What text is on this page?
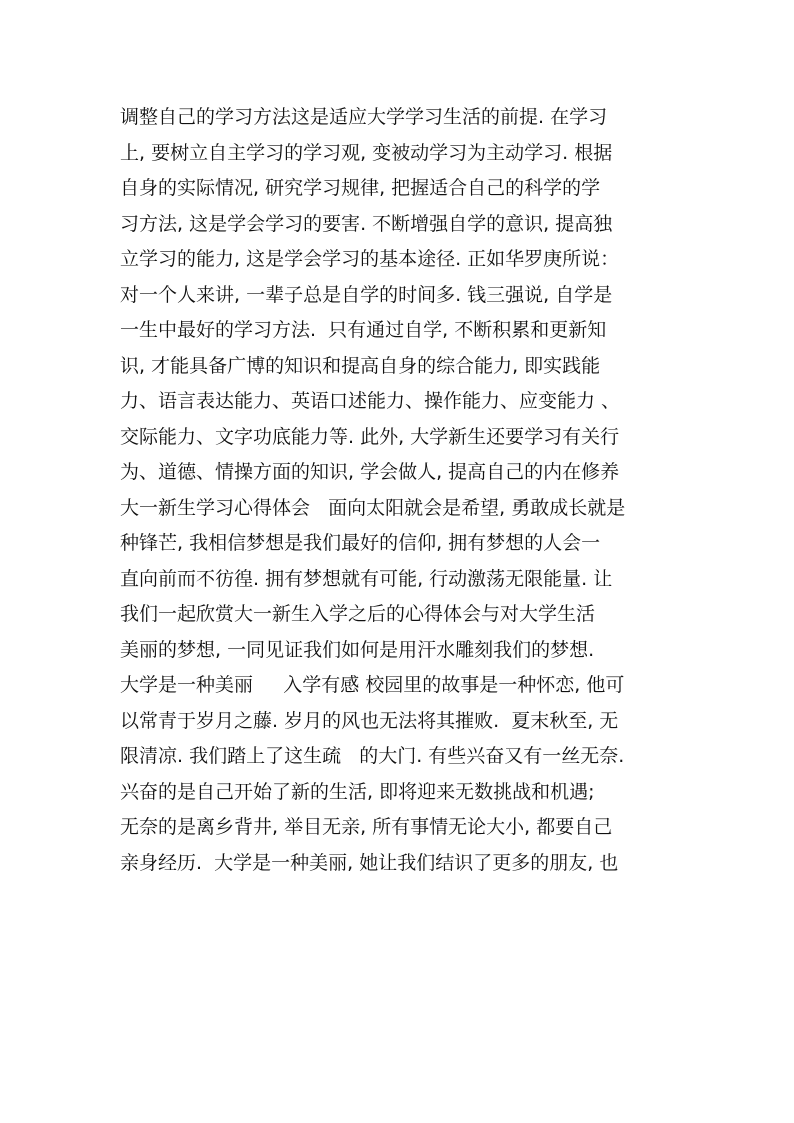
调整自己的学习方法这是适应大学学习生活的前提. 在学习
上, 要树立自主学习的学习观, 变被动学习为主动学习. 根据
自身的实际情况, 研究学习规律, 把握适合自己的科学的学
习方法, 这是学会学习的要害. 不断增强自学的意识, 提高独
立学习的能力, 这是学会学习的基本途径. 正如华罗庚所说：
对一个人来讲, 一辈子总是自学的时间多. 钱三强说, 自学是
一生中最好的学习方法.  只有通过自学, 不断积累和更新知
识, 才能具备广博的知识和提高自身的综合能力, 即实践能
力、语言表达能力、英语口述能力、操作能力、应变能力 、
交际能力、文字功底能力等. 此外, 大学新生还要学习有关行
为、道德、情操方面的知识, 学会做人, 提高自己的内在修养
大一新生学习心得体会   面向太阳就会是希望, 勇敢成长就是
种锋芒, 我相信梦想是我们最好的信仰, 拥有梦想的人会一
直向前而不彷徨. 拥有梦想就有可能, 行动激荡无限能量. 让
我们一起欣赏大一新生入学之后的心得体会与对大学生活
美丽的梦想, 一同见证我们如何是用汗水雕刻我们的梦想.
大学是一种美丽     入学有感 校园里的故事是一种怀恋, 他可
以常青于岁月之藤. 岁月的风也无法将其摧败.  夏末秋至, 无
限清凉. 我们踏上了这生疏   的大门. 有些兴奋又有一丝无奈.
兴奋的是自己开始了新的生活, 即将迎来无数挑战和机遇;
无奈的是离乡背井, 举目无亲, 所有事情无论大小, 都要自己
亲身经历.  大学是一种美丽, 她让我们结识了更多的朋友, 也
